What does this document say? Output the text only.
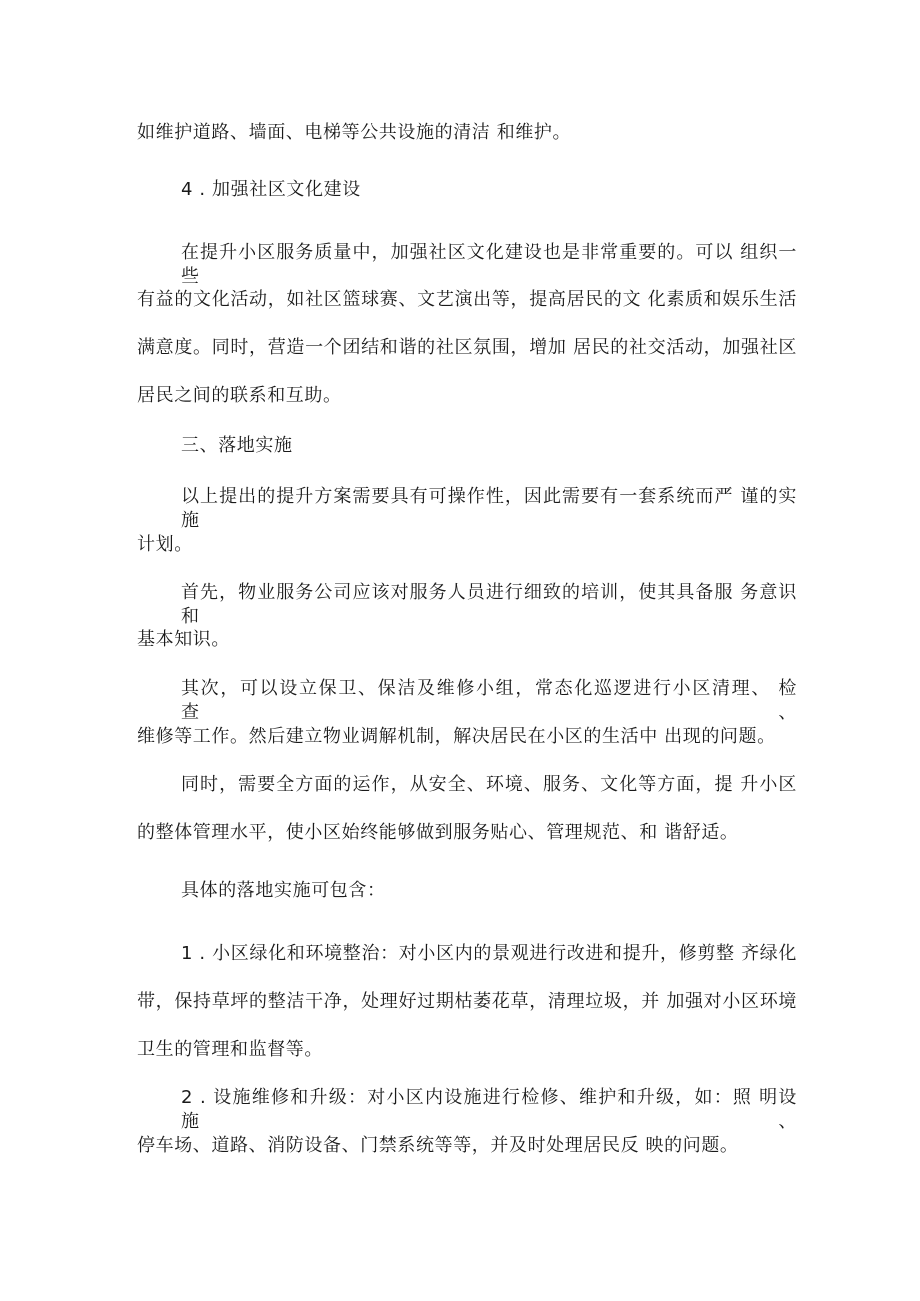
如维护道路、墙面、电梯等公共设施的清洁 和维护。
4 . 加强社区文化建设
在提升小区服务质量中，加强社区文化建设也是非常重要的。可以 组织一些
有益的文化活动，如社区篮球赛、文艺演出等，提高居民的文 化素质和娱乐生活
满意度。同时，营造一个团结和谐的社区氛围，增加 居民的社交活动，加强社区
居民之间的联系和互助。
三、落地实施
以上提出的提升方案需要具有可操作性，因此需要有一套系统而严 谨的实施
计划。
首先，物业服务公司应该对服务人员进行细致的培训，使其具备服 务意识和
基本知识。
其次，可以设立保卫、保洁及维修小组，常态化巡逻进行小区清理、 检查、
维修等工作。然后建立物业调解机制，解决居民在小区的生活中 出现的问题。
同时，需要全方面的运作，从安全、环境、服务、文化等方面，提 升小区
的整体管理水平，使小区始终能够做到服务贴心、管理规范、和 谐舒适。
具体的落地实施可包含：
1 . 小区绿化和环境整治：对小区内的景观进行改进和提升，修剪整 齐绿化
带，保持草坪的整洁干净，处理好过期枯萎花草，清理垃圾，并 加强对小区环境
卫生的管理和监督等。
2 . 设施维修和升级：对小区内设施进行检修、维护和升级，如：照 明设施、
停车场、道路、消防设备、门禁系统等等，并及时处理居民反 映的问题。
